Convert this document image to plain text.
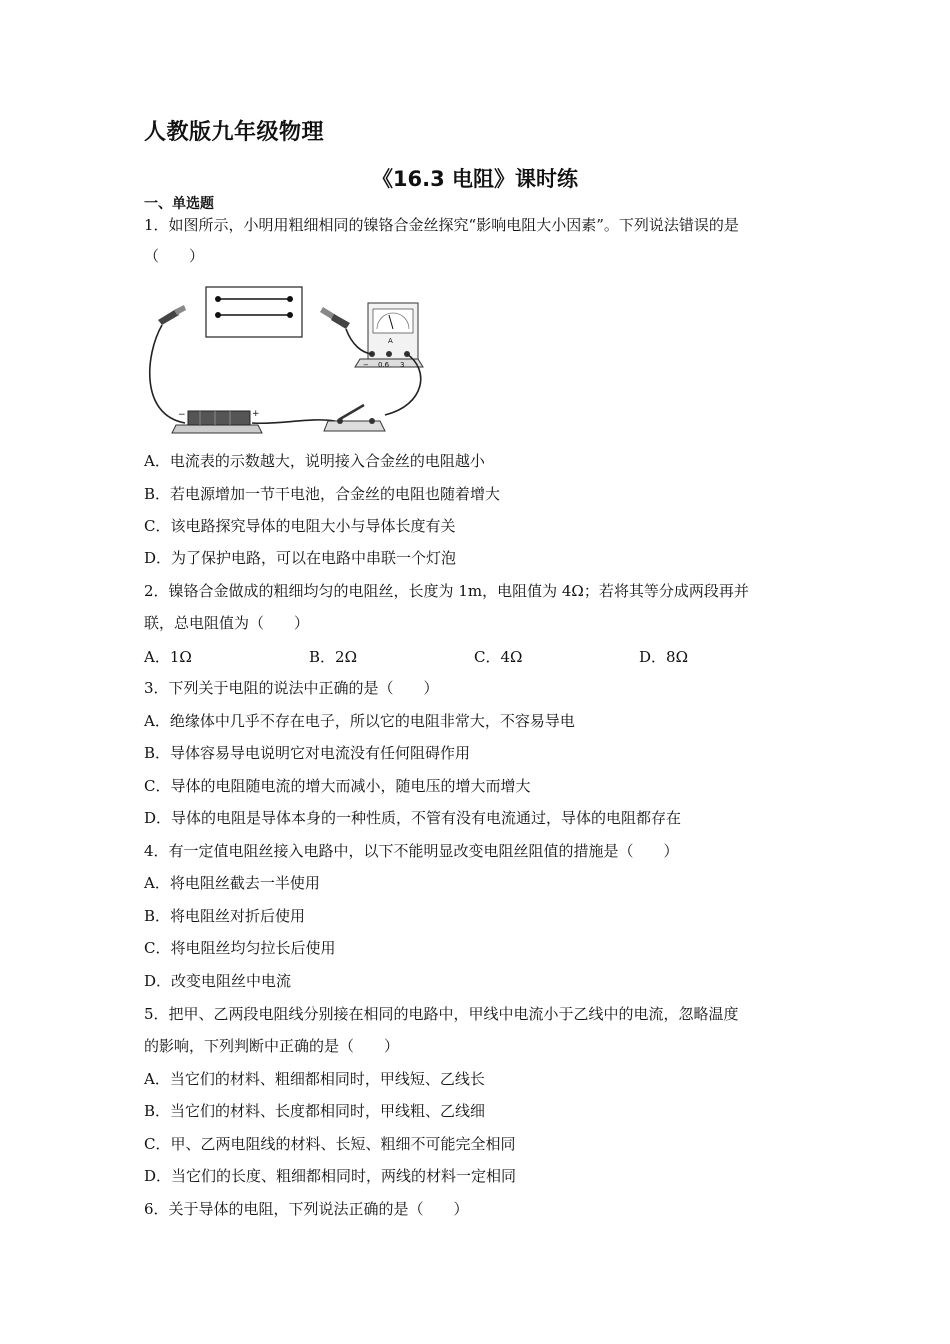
人教版九年级物理
《16.3 电阻》课时练
一、单选题
1．如图所示，小明用粗细相同的镍铬合金丝探究“影响电阻大小因素”。下列说法错误的是
（　　）
A
− 0.6 3
−	+
A．电流表的示数越大，说明接入合金丝的电阻越小
B．若电源增加一节干电池，合金丝的电阻也随着增大
C．该电路探究导体的电阻大小与导体长度有关
D．为了保护电路，可以在电路中串联一个灯泡
2．镍铬合金做成的粗细均匀的电阻丝，长度为 1m，电阻值为 4Ω；若将其等分成两段再并
联，总电阻值为（　　）
A．1Ω	B．2Ω	C．4Ω	D．8Ω
3．下列关于电阻的说法中正确的是（　　）
A．绝缘体中几乎不存在电子，所以它的电阻非常大，不容易导电
B．导体容易导电说明它对电流没有任何阻碍作用
C．导体的电阻随电流的增大而减小，随电压的增大而增大
D．导体的电阻是导体本身的一种性质，不管有没有电流通过，导体的电阻都存在
4．有一定值电阻丝接入电路中，以下不能明显改变电阻丝阻值的措施是（　　）
A．将电阻丝截去一半使用
B．将电阻丝对折后使用
C．将电阻丝均匀拉长后使用
D．改变电阻丝中电流
5．把甲、乙两段电阻线分别接在相同的电路中，甲线中电流小于乙线中的电流，忽略温度
的影响，下列判断中正确的是（　　）
A．当它们的材料、粗细都相同时，甲线短、乙线长
B．当它们的材料、长度都相同时，甲线粗、乙线细
C．甲、乙两电阻线的材料、长短、粗细不可能完全相同
D．当它们的长度、粗细都相同时，两线的材料一定相同
6．关于导体的电阻，下列说法正确的是（　　）
